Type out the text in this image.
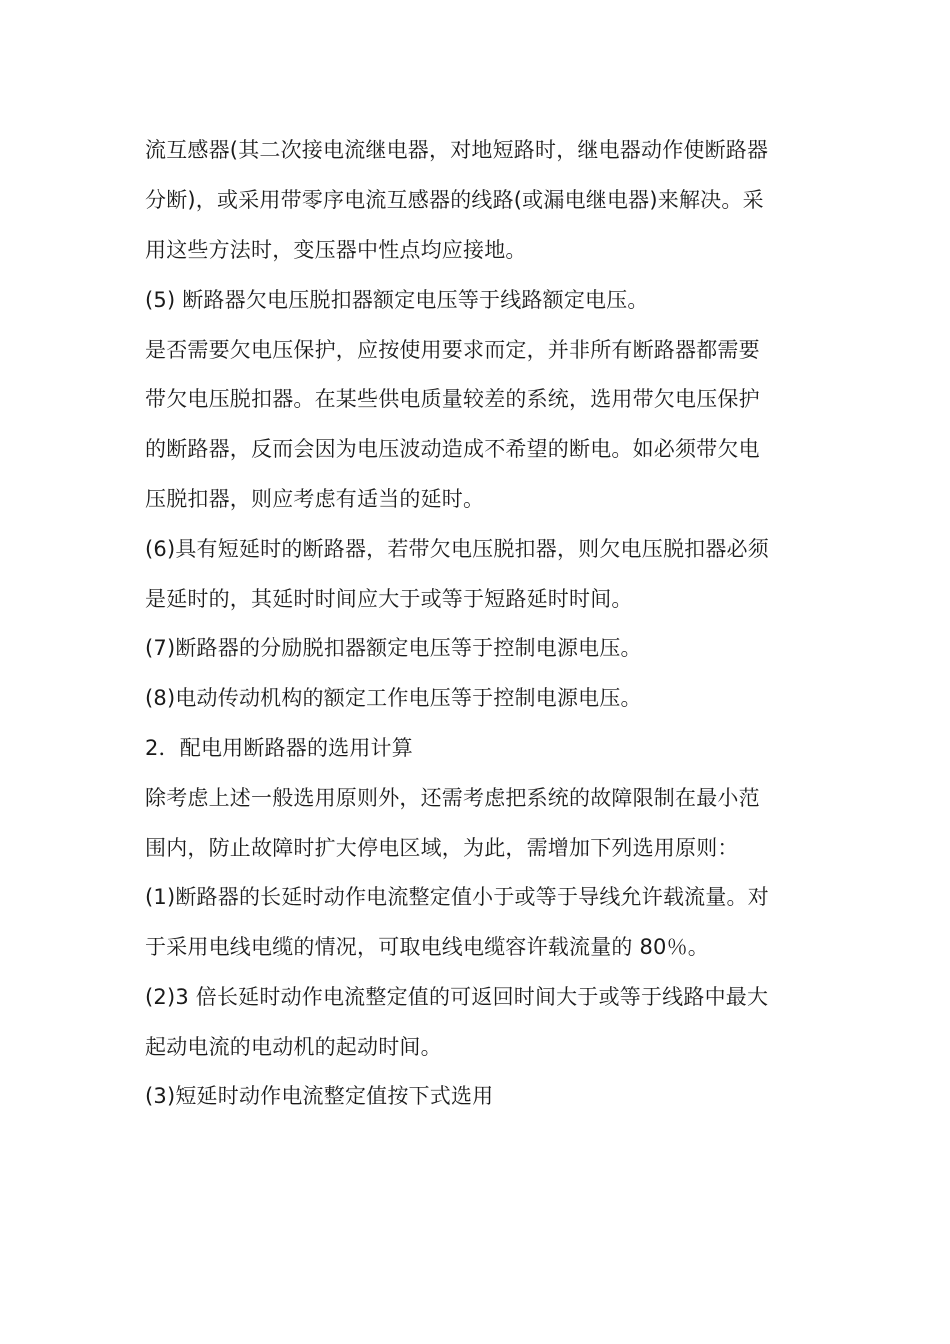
流互感器(其二次接电流继电器，对地短路时，继电器动作使断路器
分断)，或采用带零序电流互感器的线路(或漏电继电器)来解决。采
用这些方法时，变压器中性点均应接地。
(5) 断路器欠电压脱扣器额定电压等于线路额定电压。
是否需要欠电压保护，应按使用要求而定，并非所有断路器都需要
带欠电压脱扣器。在某些供电质量较差的系统，选用带欠电压保护
的断路器，反而会因为电压波动造成不希望的断电。如必须带欠电
压脱扣器，则应考虑有适当的延时。
(6)具有短延时的断路器，若带欠电压脱扣器，则欠电压脱扣器必须
是延时的，其延时时间应大于或等于短路延时时间。
(7)断路器的分励脱扣器额定电压等于控制电源电压。
(8)电动传动机构的额定工作电压等于控制电源电压。
2．配电用断路器的选用计算
除考虑上述一般选用原则外，还需考虑把系统的故障限制在最小范
围内，防止故障时扩大停电区域，为此，需增加下列选用原则：
(1)断路器的长延时动作电流整定值小于或等于导线允许载流量。对
于采用电线电缆的情况，可取电线电缆容许载流量的 80％。
(2)3 倍长延时动作电流整定值的可返回时间大于或等于线路中最大
起动电流的电动机的起动时间。
(3)短延时动作电流整定值按下式选用
